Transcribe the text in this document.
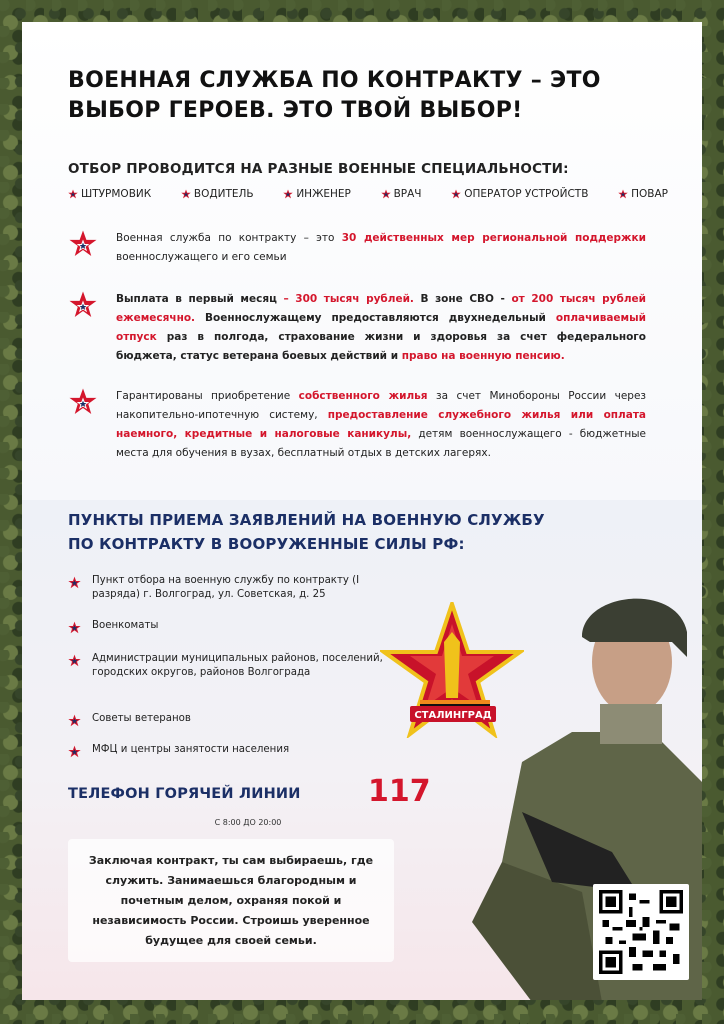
ВОЕННАЯ СЛУЖБА ПО КОНТРАКТУ – ЭТО
ВЫБОР ГЕРОЕВ. ЭТО ТВОЙ ВЫБОР!
ОТБОР ПРОВОДИТСЯ НА РАЗНЫЕ ВОЕННЫЕ СПЕЦИАЛЬНОСТИ:
ШТУРМОВИК	ВОДИТЕЛЬ	ИНЖЕНЕР	ВРАЧ	ОПЕРАТОР УСТРОЙСТВ	ПОВАР
Военная служба по контракту – это 30 действенных мер региональной поддержки военнослужащего и его семьи
Выплата в первый месяц – 300 тысяч рублей. В зоне СВО - от 200 тысяч рублей ежемесячно. Военнослужащему предоставляются двухнедельный оплачиваемый отпуск раз в полгода, страхование жизни и здоровья за счет федерального бюджета, статус ветерана боевых действий и право на военную пенсию.
Гарантированы приобретение собственного жилья за счет Минобороны России через накопительно-ипотечную систему, предоставление служебного жилья или оплата наемного, кредитные и налоговые каникулы, детям военнослужащего - бюджетные места для обучения в вузах, бесплатный отдых в детских лагерях.
ПУНКТЫ ПРИЕМА ЗАЯВЛЕНИЙ НА ВОЕННУЮ СЛУЖБУ
ПО КОНТРАКТУ В ВООРУЖЕННЫЕ СИЛЫ РФ:
Пункт отбора на военную службу по контракту (I разряда) г. Волгоград, ул. Советская, д. 25
Военкоматы
Администрации муниципальных районов, поселений, городских округов, районов Волгограда
Советы ветеранов
МФЦ и центры занятости населения
СТАЛИНГРАД
ТЕЛЕФОН ГОРЯЧЕЙ ЛИНИИ 117
С 8:00 ДО 20:00
Заключая контракт, ты сам выбираешь, где служить. Занимаешься благородным и почетным делом, охраняя покой и независимость России. Строишь уверенное будущее для своей семьи.
